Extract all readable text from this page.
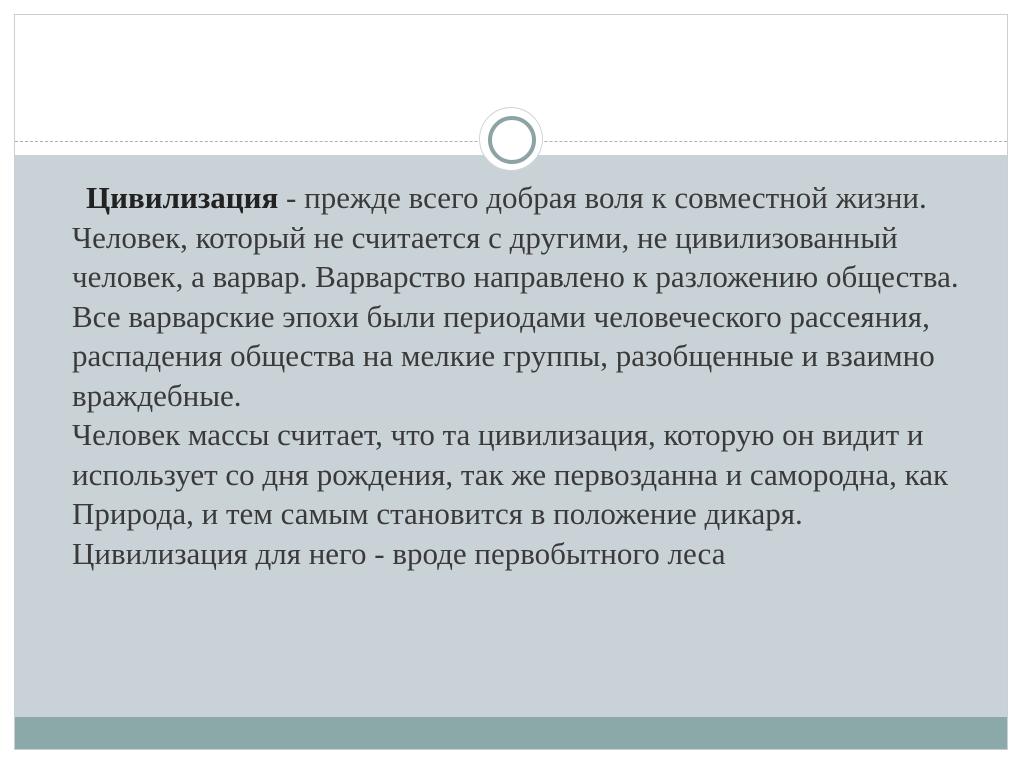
Цивилизация - прежде всего добрая воля к совместной жизни. Человек, который не считается с другими, не цивилизованный человек, а варвар. Варварство направлено к разложению общества. Все варварские эпохи были периодами человеческого рассеяния, распадения общества на мелкие группы, разобщенные и взаимно враждебные.

Человек массы считает, что та цивилизация, которую он видит и использует со дня рождения, так же первозданна и самородна, как Природа, и тем самым становится в положение дикаря. Цивилизация для него - вроде первобытного леса
